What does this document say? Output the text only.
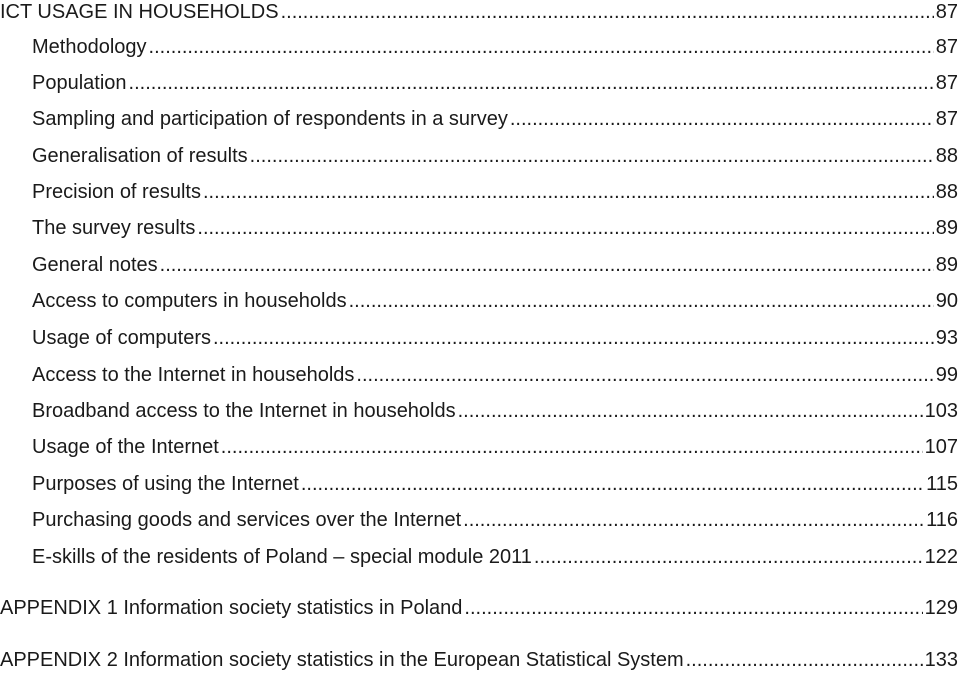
ICT USAGE IN HOUSEHOLDS .....	87
Methodology .....	87
Population .....	87
Sampling and participation of respondents in a survey .....	87
Generalisation of results .....	88
Precision of results .....	88
The survey results .....	89
General notes .....	89
Access to computers in households .....	90
Usage of computers .....	93
Access to the Internet in households .....	99
Broadband access to the Internet in households .....	103
Usage of the Internet .....	107
Purposes of using the Internet .....	115
Purchasing goods and services over the Internet .....	116
E-skills of the residents of Poland – special module 2011 .....	122
APPENDIX 1 Information society statistics in Poland .....	129
APPENDIX 2 Information society statistics in the European Statistical System .....	133
